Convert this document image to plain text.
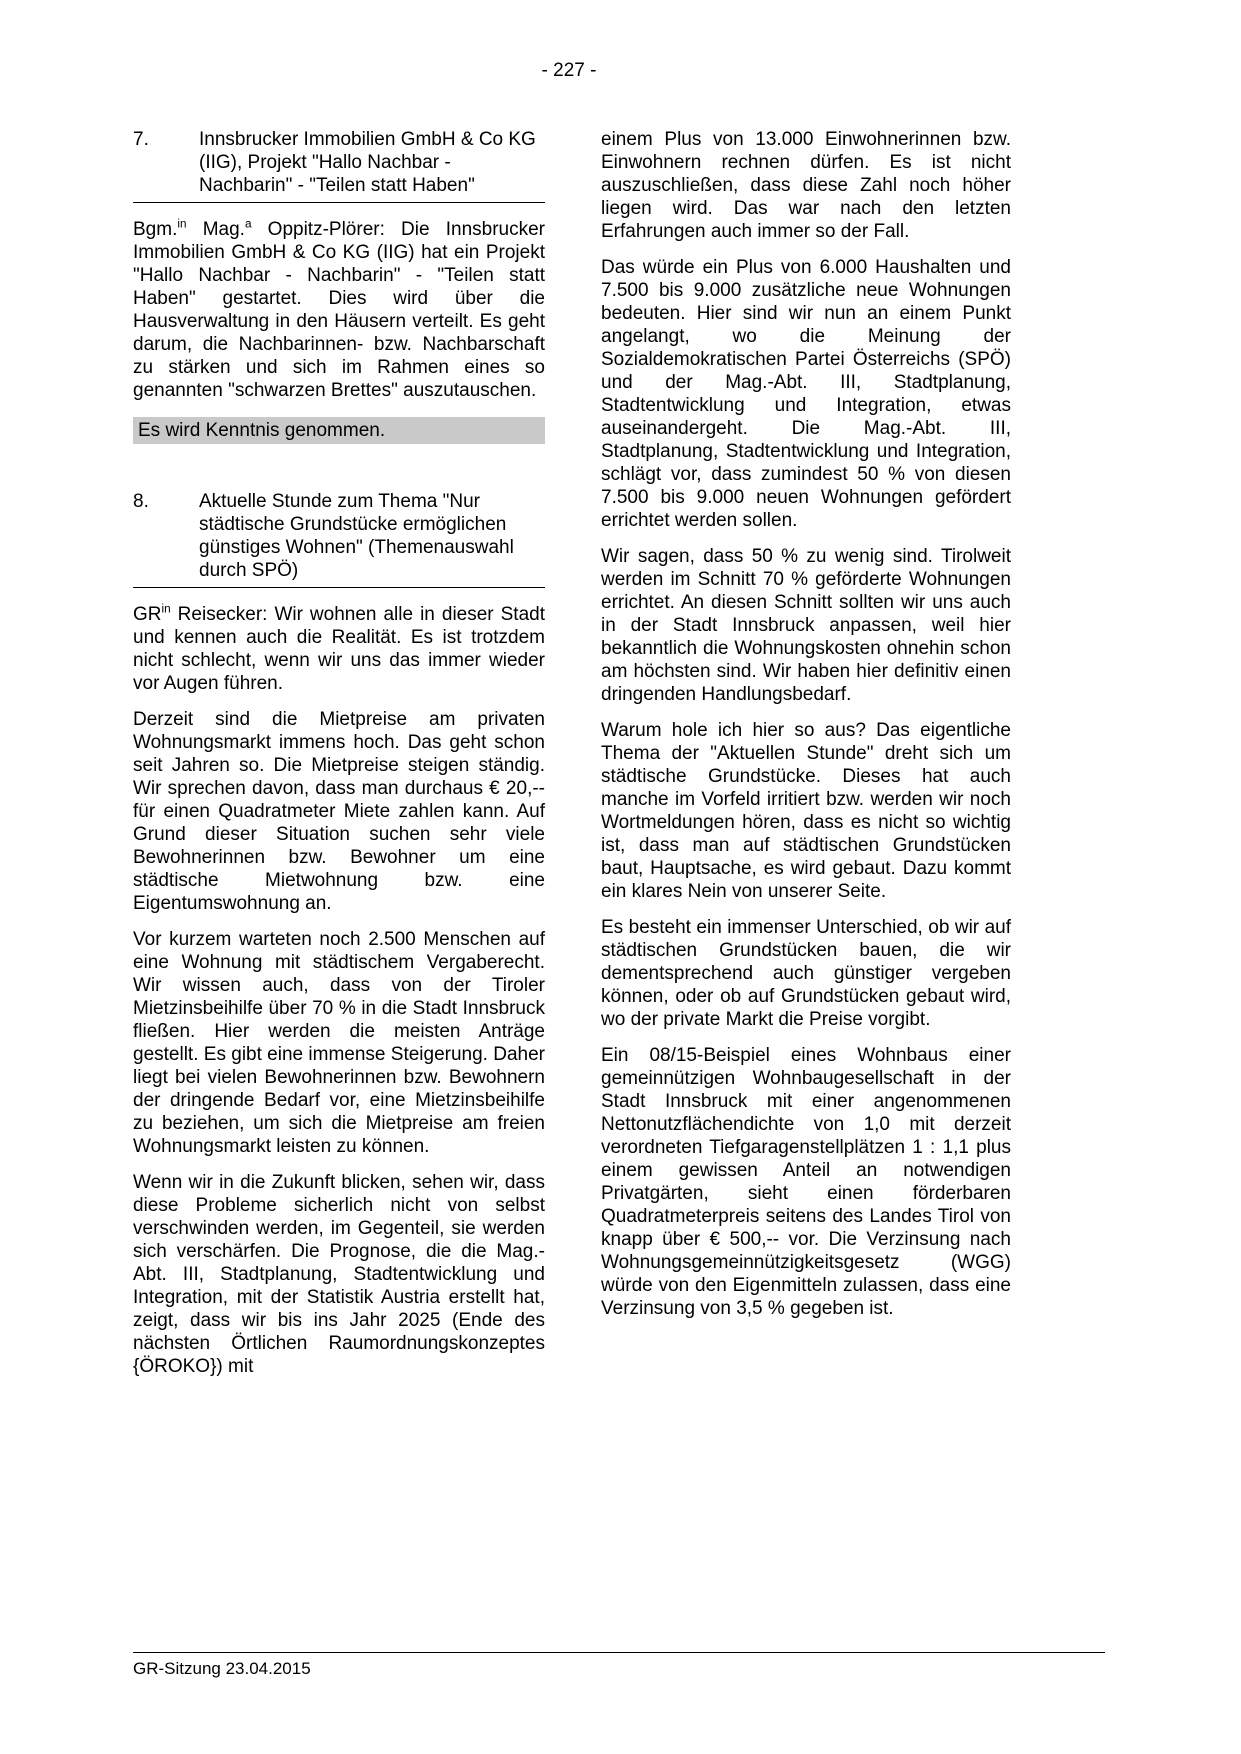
- 227 -
7.	Innsbrucker Immobilien GmbH & Co KG (IIG), Projekt "Hallo Nachbar - Nachbarin" - "Teilen statt Haben"

Bgm.$^{in}$ Mag.$^a$ Oppitz-Plörer: Die Innsbrucker Immobilien GmbH & Co KG (IIG) hat ein Projekt "Hallo Nachbar - Nachbarin" - "Teilen statt Haben" gestartet. Dies wird über die Hausverwaltung in den Häusern verteilt. Es geht darum, die Nachbarinnen- bzw. Nachbarschaft zu stärken und sich im Rahmen eines so genannten "schwarzen Brettes" auszutauschen.

Es wird Kenntnis genommen.
8.	Aktuelle Stunde zum Thema "Nur städtische Grundstücke ermöglichen günstiges Wohnen" (Themenauswahl durch SPÖ)

$GR^{in}$ Reisecker: Wir wohnen alle in dieser Stadt und kennen auch die Realität. Es ist trotzdem nicht schlecht, wenn wir uns das immer wieder vor Augen führen.

Derzeit sind die Mietpreise am privaten Wohnungsmarkt immens hoch. Das geht schon seit Jahren so. Die Mietpreise steigen ständig. Wir sprechen davon, dass man durchaus € 20,-- für einen Quadratmeter Miete zahlen kann. Auf Grund dieser Situation suchen sehr viele Bewohnerinnen bzw. Bewohner um eine städtische Mietwohnung bzw. eine Eigentumswohnung an.

Vor kurzem warteten noch 2.500 Menschen auf eine Wohnung mit städtischem Vergaberecht. Wir wissen auch, dass von der Tiroler Mietzinsbeihilfe über 70 % in die Stadt Innsbruck fließen. Hier werden die meisten Anträge gestellt. Es gibt eine immense Steigerung. Daher liegt bei vielen Bewohnerinnen bzw. Bewohnern der dringende Bedarf vor, eine Mietzinsbeihilfe zu beziehen, um sich die Mietpreise am freien Wohnungsmarkt leisten zu können.

Wenn wir in die Zukunft blicken, sehen wir, dass diese Probleme sicherlich nicht von selbst verschwinden werden, im Gegenteil, sie werden sich verschärfen. Die Prognose, die die Mag.-Abt. III, Stadtplanung, Stadtentwicklung und Integration, mit der Statistik Austria erstellt hat, zeigt, dass wir bis ins Jahr 2025 (Ende des nächsten Örtlichen Raumordnungskonzeptes {ÖROKO}) mit

einem Plus von 13.000 Einwohnerinnen bzw. Einwohnern rechnen dürfen. Es ist nicht auszuschließen, dass diese Zahl noch höher liegen wird. Das war nach den letzten Erfahrungen auch immer so der Fall.

Das würde ein Plus von 6.000 Haushalten und 7.500 bis 9.000 zusätzliche neue Wohnungen bedeuten. Hier sind wir nun an einem Punkt angelangt, wo die Meinung der Sozialdemokratischen Partei Österreichs (SPÖ) und der Mag.-Abt. III, Stadtplanung, Stadtentwicklung und Integration, etwas auseinandergeht. Die Mag.-Abt. III, Stadtplanung, Stadtentwicklung und Integration, schlägt vor, dass zumindest 50 % von diesen 7.500 bis 9.000 neuen Wohnungen gefördert errichtet werden sollen.

Wir sagen, dass 50 % zu wenig sind. Tirolweit werden im Schnitt 70 % geförderte Wohnungen errichtet. An diesen Schnitt sollten wir uns auch in der Stadt Innsbruck anpassen, weil hier bekanntlich die Wohnungskosten ohnehin schon am höchsten sind. Wir haben hier definitiv einen dringenden Handlungsbedarf.

Warum hole ich hier so aus? Das eigentliche Thema der "Aktuellen Stunde" dreht sich um städtische Grundstücke. Dieses hat auch manche im Vorfeld irritiert bzw. werden wir noch Wortmeldungen hören, dass es nicht so wichtig ist, dass man auf städtischen Grundstücken baut, Hauptsache, es wird gebaut. Dazu kommt ein klares Nein von unserer Seite.

Es besteht ein immenser Unterschied, ob wir auf städtischen Grundstücken bauen, die wir dementsprechend auch günstiger vergeben können, oder ob auf Grundstücken gebaut wird, wo der private Markt die Preise vorgibt.

Ein 08/15-Beispiel eines Wohnbaus einer gemeinnützigen Wohnbaugesellschaft in der Stadt Innsbruck mit einer angenommenen Nettonutzflächendichte von 1,0 mit derzeit verordneten Tiefgaragenstellplätzen 1 : 1,1 plus einem gewissen Anteil an notwendigen Privatgärten, sieht einen förderbaren Quadratmeterpreis seitens des Landes Tirol von knapp über € 500,-- vor. Die Verzinsung nach Wohnungsgemeinnützigkeitsgesetz (WGG) würde von den Eigenmitteln zulassen, dass eine Verzinsung von 3,5 % gegeben ist.

GR-Sitzung 23.04.2015
